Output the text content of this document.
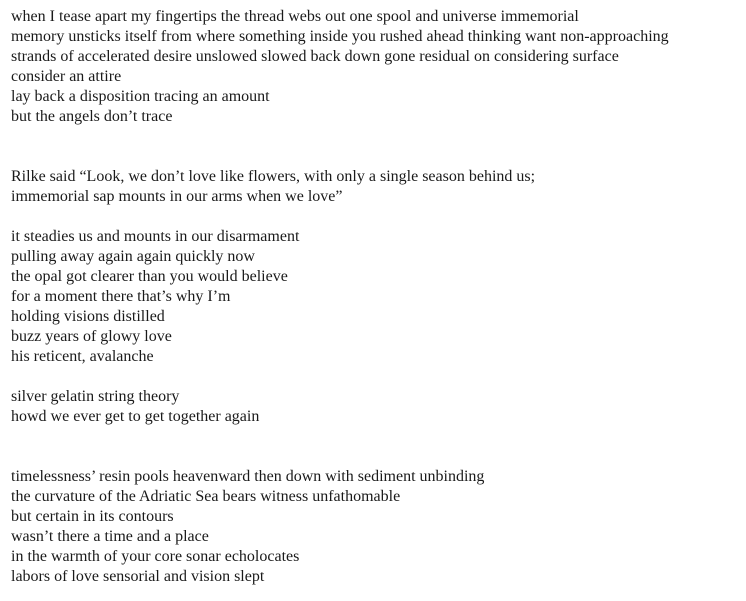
when I tease apart my fingertips the thread webs out one spool and universe immemorial
memory unsticks itself from where something inside you rushed ahead thinking want non-approaching
strands of accelerated desire unslowed slowed back down gone residual on considering surface
consider an attire
lay back a disposition tracing an amount
but the angels don’t trace
Rilke said “Look, we don’t love like flowers, with only a single season behind us;
immemorial sap mounts in our arms when we love”
it steadies us and mounts in our disarmament
pulling away again again quickly now
the opal got clearer than you would believe
for a moment there that’s why I’m
holding visions distilled
buzz years of glowy love
his reticent, avalanche
silver gelatin string theory
howd we ever get to get together again
timelessness’ resin pools heavenward then down with sediment unbinding
the curvature of the Adriatic Sea bears witness unfathomable
but certain in its contours
wasn’t there a time and a place
in the warmth of your core sonar echolocates
labors of love sensorial and vision slept
